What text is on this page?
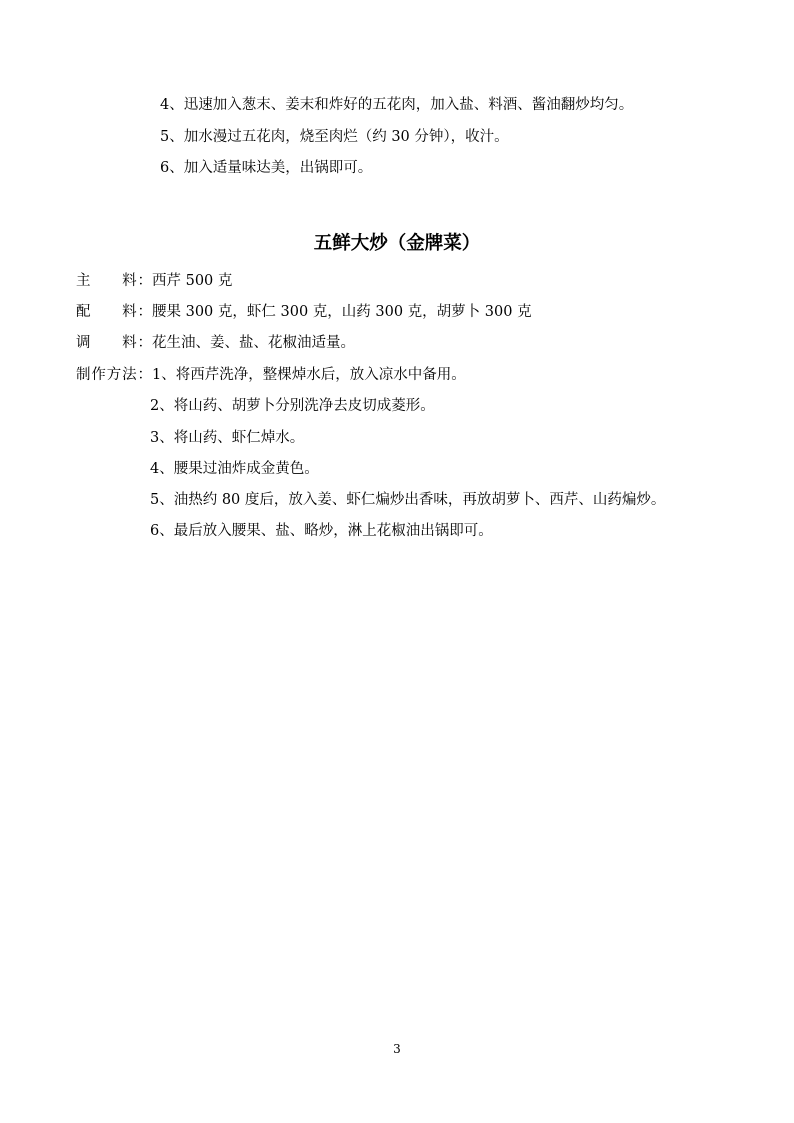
4、迅速加入葱末、姜末和炸好的五花肉，加入盐、料酒、酱油翻炒均匀。
5、加水漫过五花肉，烧至肉烂（约 30 分钟），收汁。
6、加入适量味达美，出锅即可。
五鲜大炒（金牌菜）
主　　料：西芹 500 克
配　　料：腰果 300 克，虾仁 300 克，山药 300 克，胡萝卜 300 克
调　　料：花生油、姜、盐、花椒油适量。
制作方法：1、将西芹洗净，整棵焯水后，放入凉水中备用。
2、将山药、胡萝卜分别洗净去皮切成菱形。
3、将山药、虾仁焯水。
4、腰果过油炸成金黄色。
5、油热约 80 度后，放入姜、虾仁煸炒出香味，再放胡萝卜、西芹、山药煸炒。
6、最后放入腰果、盐、略炒，淋上花椒油出锅即可。
3
